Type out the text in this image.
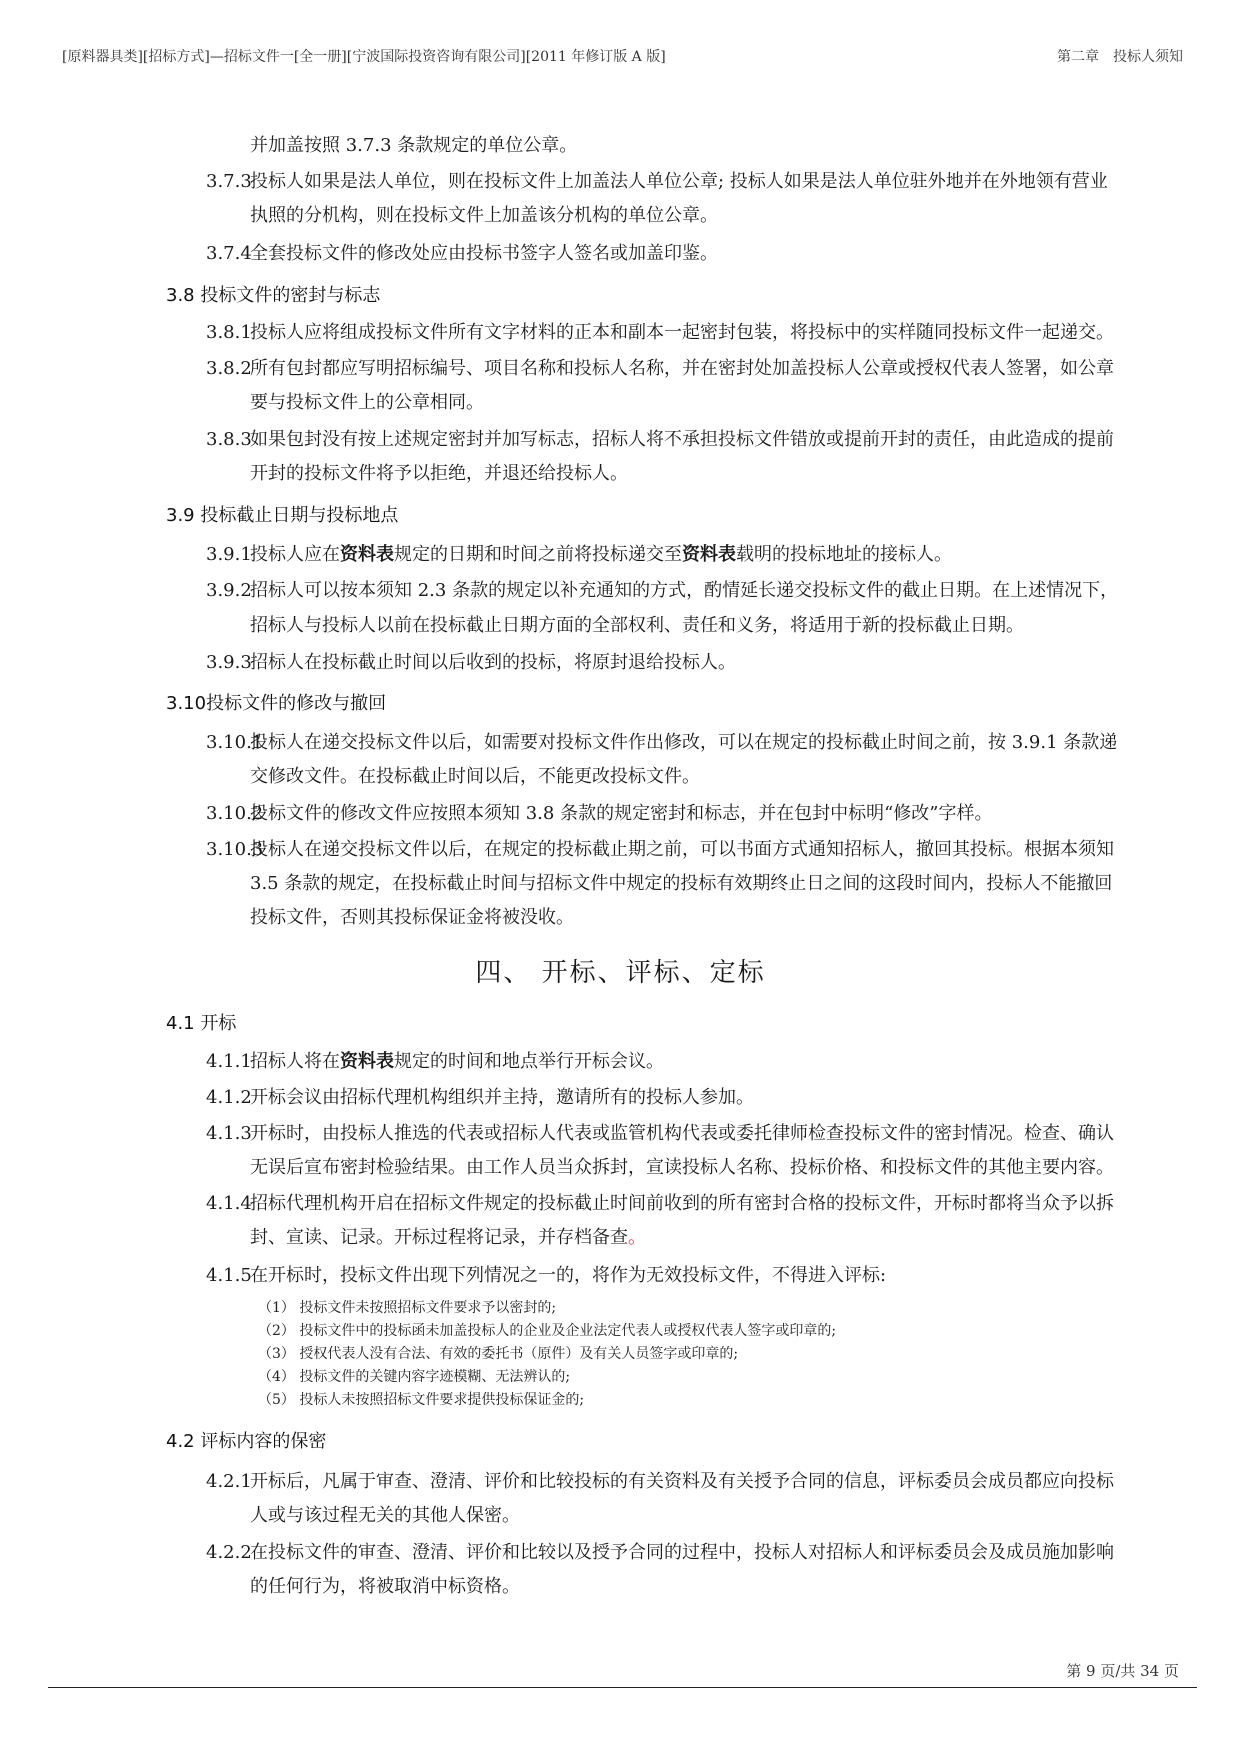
[原料器具类][招标方式]—招标文件一[全一册][宁波国际投资咨询有限公司][2011 年修订版 A 版]	第二章　投标人须知
并加盖按照 3.7.3 条款规定的单位公章。
3.7.3
投标人如果是法人单位，则在投标文件上加盖法人单位公章; 投标人如果是法人单位驻外地并在外地领有营业
执照的分机构，则在投标文件上加盖该分机构的单位公章。
3.7.4
全套投标文件的修改处应由投标书签字人签名或加盖印鉴。
3.8 投标文件的密封与标志
3.8.1
投标人应将组成投标文件所有文字材料的正本和副本一起密封包装，将投标中的实样随同投标文件一起递交。
3.8.2
所有包封都应写明招标编号、项目名称和投标人名称，并在密封处加盖投标人公章或授权代表人签署，如公章
要与投标文件上的公章相同。
3.8.3
如果包封没有按上述规定密封并加写标志，招标人将不承担投标文件错放或提前开封的责任，由此造成的提前
开封的投标文件将予以拒绝，并退还给投标人。
3.9 投标截止日期与投标地点
3.9.1
投标人应在资料表规定的日期和时间之前将投标递交至资料表载明的投标地址的接标人。
3.9.2
招标人可以按本须知 2.3 条款的规定以补充通知的方式，酌情延长递交投标文件的截止日期。在上述情况下，
招标人与投标人以前在投标截止日期方面的全部权利、责任和义务，将适用于新的投标截止日期。
3.9.3
招标人在投标截止时间以后收到的投标，将原封退给投标人。
3.10投标文件的修改与撤回
3.10.1
投标人在递交投标文件以后，如需要对投标文件作出修改，可以在规定的投标截止时间之前，按 3.9.1 条款递
交修改文件。在投标截止时间以后，不能更改投标文件。
3.10.2
投标文件的修改文件应按照本须知 3.8 条款的规定密封和标志，并在包封中标明“修改”字样。
3.10.3
投标人在递交投标文件以后，在规定的投标截止期之前，可以书面方式通知招标人，撤回其投标。根据本须知
3.5 条款的规定，在投标截止时间与招标文件中规定的投标有效期终止日之间的这段时间内，投标人不能撤回
投标文件，否则其投标保证金将被没收。
四、 开标、评标、定标
4.1 开标
4.1.1
招标人将在资料表规定的时间和地点举行开标会议。
4.1.2
开标会议由招标代理机构组织并主持，邀请所有的投标人参加。
4.1.3
开标时，由投标人推选的代表或招标人代表或监管机构代表或委托律师检查投标文件的密封情况。检查、确认
无误后宣布密封检验结果。由工作人员当众拆封，宣读投标人名称、投标价格、和投标文件的其他主要内容。
4.1.4
招标代理机构开启在招标文件规定的投标截止时间前收到的所有密封合格的投标文件，开标时都将当众予以拆
封、宣读、记录。开标过程将记录，并存档备查。
4.1.5
在开标时，投标文件出现下列情况之一的，将作为无效投标文件，不得进入评标:
（1） 投标文件未按照招标文件要求予以密封的;
（2） 投标文件中的投标函未加盖投标人的企业及企业法定代表人或授权代表人签字或印章的;
（3） 授权代表人没有合法、有效的委托书（原件）及有关人员签字或印章的;
（4） 投标文件的关键内容字迹模糊、无法辨认的;
（5） 投标人未按照招标文件要求提供投标保证金的;
4.2 评标内容的保密
4.2.1
开标后，凡属于审查、澄清、评价和比较投标的有关资料及有关授予合同的信息，评标委员会成员都应向投标
人或与该过程无关的其他人保密。
4.2.2
在投标文件的审查、澄清、评价和比较以及授予合同的过程中，投标人对招标人和评标委员会及成员施加影响
的任何行为，将被取消中标资格。
第 9 页/共 34 页
